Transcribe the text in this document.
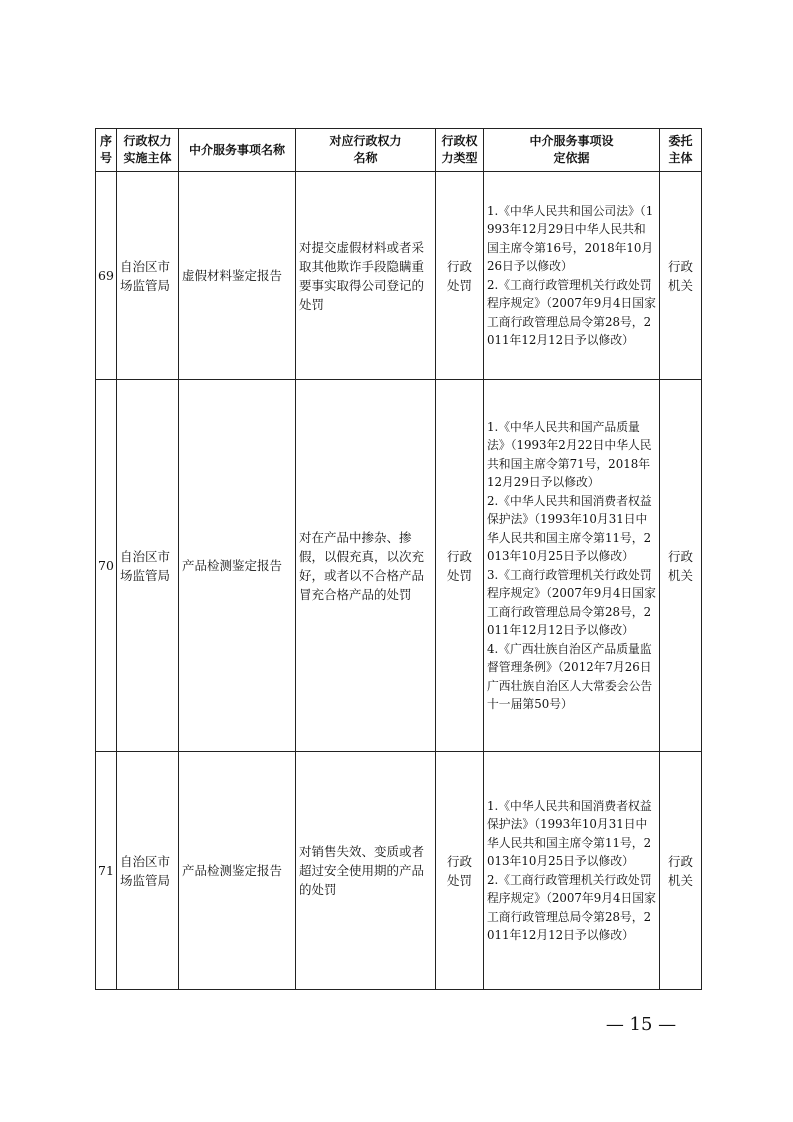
序号	行政权力实施主体	中介服务事项名称	对应行政权力名称	行政权力类型	中介服务事项设定依据	委托主体
69	自治区市场监管局	虚假材料鉴定报告	对提交虚假材料或者采取其他欺诈手段隐瞒重要事实取得公司登记的处罚	行政处罚	1.《中华人民共和国公司法》（1993年12月29日中华人民共和国主席令第16号，2018年10月26日予以修改）
2.《工商行政管理机关行政处罚程序规定》（2007年9月4日国家工商行政管理总局令第28号，2011年12月12日予以修改）	行政机关
70	自治区市场监管局	产品检测鉴定报告	对在产品中掺杂、掺假，以假充真，以次充好，或者以不合格产品冒充合格产品的处罚	行政处罚	1.《中华人民共和国产品质量法》（1993年2月22日中华人民共和国主席令第71号，2018年12月29日予以修改）
2.《中华人民共和国消费者权益保护法》（1993年10月31日中华人民共和国主席令第11号，2013年10月25日予以修改）
3.《工商行政管理机关行政处罚程序规定》（2007年9月4日国家工商行政管理总局令第28号，2011年12月12日予以修改）
4.《广西壮族自治区产品质量监督管理条例》（2012年7月26日广西壮族自治区人大常委会公告 十一届第50号）	行政机关
71	自治区市场监管局	产品检测鉴定报告	对销售失效、变质或者超过安全使用期的产品的处罚	行政处罚	1.《中华人民共和国消费者权益保护法》（1993年10月31日中华人民共和国主席令第11号，2013年10月25日予以修改）
2.《工商行政管理机关行政处罚程序规定》（2007年9月4日国家工商行政管理总局令第28号，2011年12月12日予以修改）	行政机关
— 15 —
